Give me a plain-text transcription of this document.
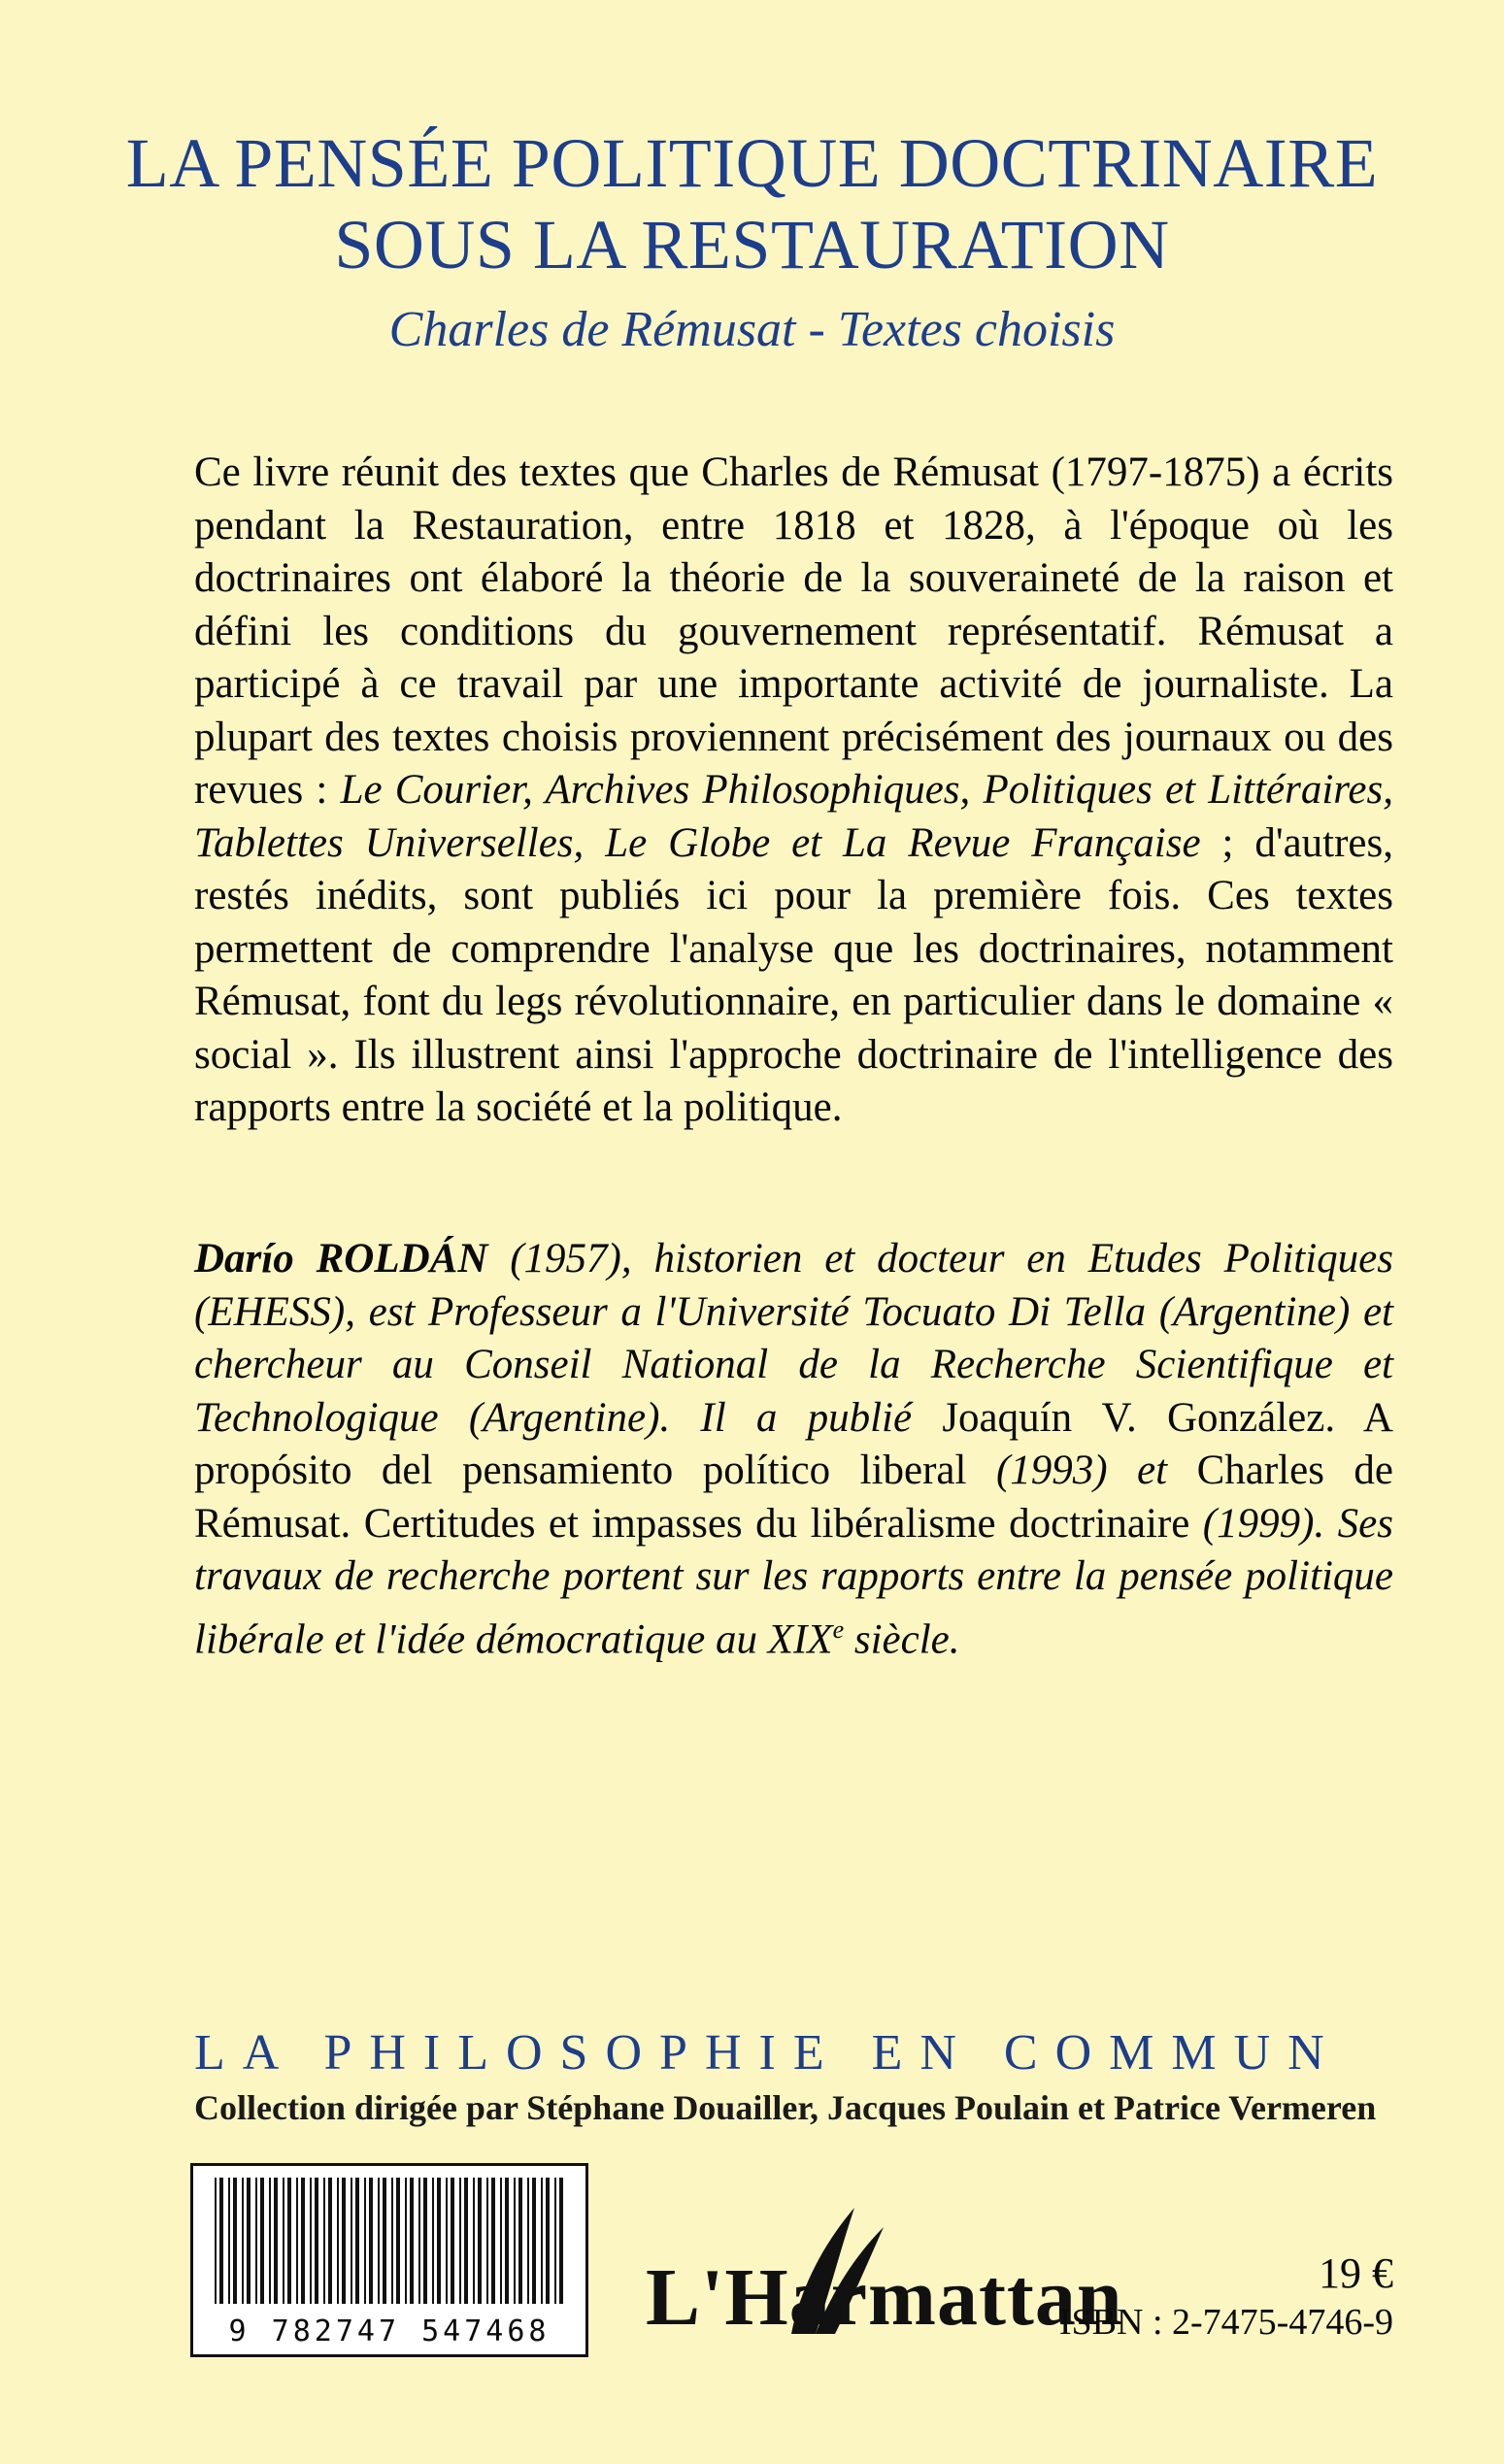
LA PENSÉE POLITIQUE DOCTRINAIRE
SOUS LA RESTAURATION
Charles de Rémusat - Textes choisis
Ce livre réunit des textes que Charles de Rémusat (1797-1875) a écrits pendant la Restauration, entre 1818 et 1828, à l'époque où les doctrinaires ont élaboré la théorie de la souveraineté de la raison et défini les conditions du gouvernement représentatif. Rémusat a participé à ce travail par une importante activité de journaliste. La plupart des textes choisis proviennent précisément des journaux ou des revues : Le Courier, Archives Philosophiques, Politiques et Littéraires, Tablettes Universelles, Le Globe et La Revue Française ; d'autres, restés inédits, sont publiés ici pour la première fois. Ces textes permettent de comprendre l'analyse que les doctrinaires, notamment Rémusat, font du legs révolutionnaire, en particulier dans le domaine « social ». Ils illustrent ainsi l'approche doctrinaire de l'intelligence des rapports entre la société et la politique.
Darío ROLDÁN (1957), historien et docteur en Etudes Politiques (EHESS), est Professeur a l'Université Tocuato Di Tella (Argentine) et chercheur au Conseil National de la Recherche Scientifique et Technologique (Argentine). Il a publié Joaquín V. González. A propósito del pensamiento político liberal (1993) et Charles de Rémusat. Certitudes et impasses du libéralisme doctrinaire (1999). Ses travaux de recherche portent sur les rapports entre la pensée politique libérale et l'idée démocratique au XIXe siècle.
LA PHILOSOPHIE EN COMMUN
Collection dirigée par Stéphane Douailler, Jacques Poulain et Patrice Vermeren
9 782747 547468	L'Harmattan	19 €
ISBN : 2-7475-4746-9
